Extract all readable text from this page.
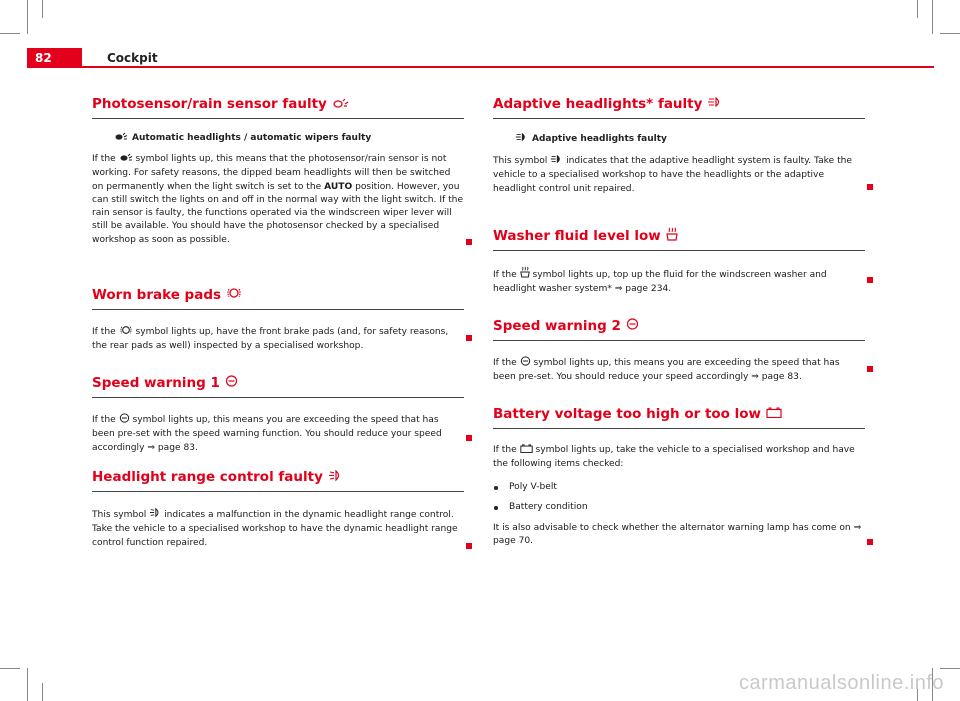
82	Cockpit
Photosensor/rain sensor faulty
Automatic headlights / automatic wipers faulty

If the  symbol lights up, this means that the photosensor/rain sensor is not working. For safety reasons, the dipped beam headlights will then be switched on permanently when the light switch is set to the AUTO position. However, you can still switch the lights on and off in the normal way with the light switch. If the rain sensor is faulty, the functions operated via the windscreen wiper lever will still be available. You should have the photosensor checked by a specialised workshop as soon as possible.

Worn brake pads

If the  symbol lights up, have the front brake pads (and, for safety reasons, the rear pads as well) inspected by a specialised workshop.

Speed warning 1

If the  symbol lights up, this means you are exceeding the speed that has been pre-set with the speed warning function. You should reduce your speed accordingly ⇒ page 83.

Headlight range control faulty

This symbol  indicates a malfunction in the dynamic headlight range control. Take the vehicle to a specialised workshop to have the dynamic headlight range control function repaired.

Adaptive headlights* faulty
Adaptive headlights faulty

This symbol  indicates that the adaptive headlight system is faulty. Take the vehicle to a specialised workshop to have the headlights or the adaptive headlight control unit repaired.

Washer fluid level low

If the  symbol lights up, top up the fluid for the windscreen washer and headlight washer system* ⇒ page 234.

Speed warning 2

If the  symbol lights up, this means you are exceeding the speed that has been pre-set. You should reduce your speed accordingly ⇒ page 83.

Battery voltage too high or too low

If the  symbol lights up, take the vehicle to a specialised workshop and have the following items checked:

Poly V-belt
Battery condition

It is also advisable to check whether the alternator warning lamp has come on ⇒ page 70.

carmanualsonline.info
